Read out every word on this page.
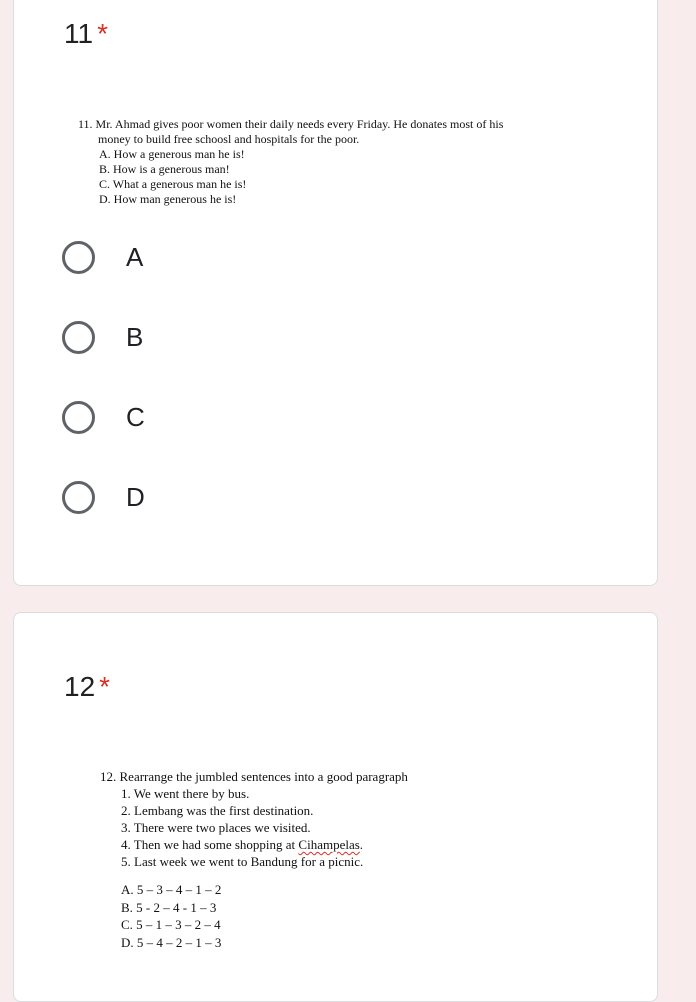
11 *
11. Mr. Ahmad gives poor women their daily needs every Friday. He donates most of his
money to build free schoosl and hospitals for the poor.
A. How a generous man he is!
B. How is a generous man!
C. What a generous man he is!
D. How man generous he is!
A
B
C
D
12 *
12. Rearrange the jumbled sentences into a good paragraph
1. We went there by bus.
2. Lembang was the first destination.
3. There were two places we visited.
4. Then we had some shopping at Cihampelas.
5. Last week we went to Bandung for a picnic.
A. 5 – 3 – 4 – 1 – 2
B. 5 - 2 – 4 - 1 – 3
C. 5 – 1 – 3 – 2 – 4
D. 5 – 4 – 2 – 1 – 3
